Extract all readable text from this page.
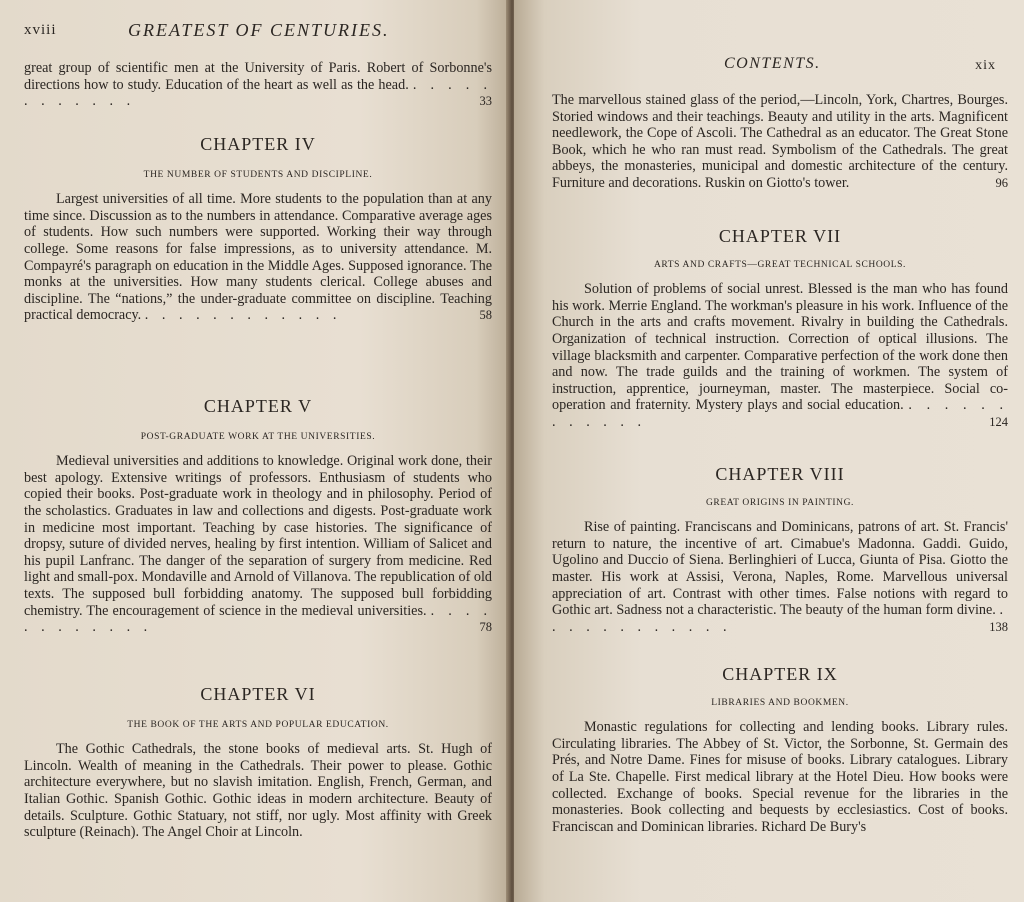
xviii	GREATEST OF CENTURIES.

great group of scientific men at the University of Paris. Robert of Sorbonne's directions how to study. Education of the heart as well as the head. . . . . . . . . . . . .	33

CHAPTER IV

THE NUMBER OF STUDENTS AND DISCIPLINE.

Largest universities of all time. More students to the population than at any time since. Discussion as to the numbers in attendance. Comparative average ages of students. How such numbers were supported. Working their way through college. Some reasons for false impressions, as to university attendance. M. Compayré's paragraph on education in the Middle Ages. Supposed ignorance. The monks at the universities. How many students clerical. College abuses and discipline. The “nations,” the under-graduate committee on discipline. Teaching practical democracy. . . . . . . . . . . . .	58

CHAPTER V

POST-GRADUATE WORK AT THE UNIVERSITIES.

Medieval universities and additions to knowledge. Original work done, their best apology. Extensive writings of professors. Enthusiasm of students who copied their books. Post-graduate work in theology and in philosophy. Period of the scholastics. Graduates in law and collections and digests. Post-graduate work in medicine most important. Teaching by case histories. The significance of dropsy, suture of divided nerves, healing by first intention. William of Salicet and his pupil Lanfranc. The danger of the separation of surgery from medicine. Red light and small-pox. Mondaville and Arnold of Villanova. The republication of old texts. The supposed bull forbidding anatomy. The supposed bull forbidding chemistry. The encouragement of science in the medieval universities. . . . . . . . . . . . .	78

CHAPTER VI

THE BOOK OF THE ARTS AND POPULAR EDUCATION.

The Gothic Cathedrals, the stone books of medieval arts. St. Hugh of Lincoln. Wealth of meaning in the Cathedrals. Their power to please. Gothic architecture everywhere, but no slavish imitation. English, French, German, and Italian Gothic. Spanish Gothic. Gothic ideas in modern architecture. Beauty of details. Sculpture. Gothic Statuary, not stiff, nor ugly. Most affinity with Greek sculpture (Reinach). The Angel Choir at Lincoln.

CONTENTS.	xix

The marvellous stained glass of the period,—Lincoln, York, Chartres, Bourges. Storied windows and their teachings. Beauty and utility in the arts. Magnificent needlework, the Cope of Ascoli. The Cathedral as an educator. The Great Stone Book, which he who ran must read. Symbolism of the Cathedrals. The great abbeys, the monasteries, municipal and domestic architecture of the century. Furniture and decorations. Ruskin on Giotto's tower.	96

CHAPTER VII

ARTS AND CRAFTS—GREAT TECHNICAL SCHOOLS.

Solution of problems of social unrest. Blessed is the man who has found his work. Merrie England. The workman's pleasure in his work. Influence of the Church in the arts and crafts movement. Rivalry in building the Cathedrals. Organization of technical instruction. Correction of optical illusions. The village blacksmith and carpenter. Comparative perfection of the work done then and now. The trade guilds and the training of workmen. The system of instruction, apprentice, journeyman, master. The masterpiece. Social co-operation and fraternity. Mystery plays and social education. . . . . . . . . . . . .	124

CHAPTER VIII

GREAT ORIGINS IN PAINTING.

Rise of painting. Franciscans and Dominicans, patrons of art. St. Francis' return to nature, the incentive of art. Cimabue's Madonna. Gaddi. Guido, Ugolino and Duccio of Siena. Berlinghieri of Lucca, Giunta of Pisa. Giotto the master. His work at Assisi, Verona, Naples, Rome. Marvellous universal appreciation of art. Contrast with other times. False notions with regard to Gothic art. Sadness not a characteristic. The beauty of the human form divine. . . . . . . . . . . . .	138

CHAPTER IX

LIBRARIES AND BOOKMEN.

Monastic regulations for collecting and lending books. Library rules. Circulating libraries. The Abbey of St. Victor, the Sorbonne, St. Germain des Prés, and Notre Dame. Fines for misuse of books. Library catalogues. Library of La Ste. Chapelle. First medical library at the Hotel Dieu. How books were collected. Exchange of books. Special revenue for the libraries in the monasteries. Book collecting and bequests by ecclesiastics. Cost of books. Franciscan and Dominican libraries. Richard De Bury's
